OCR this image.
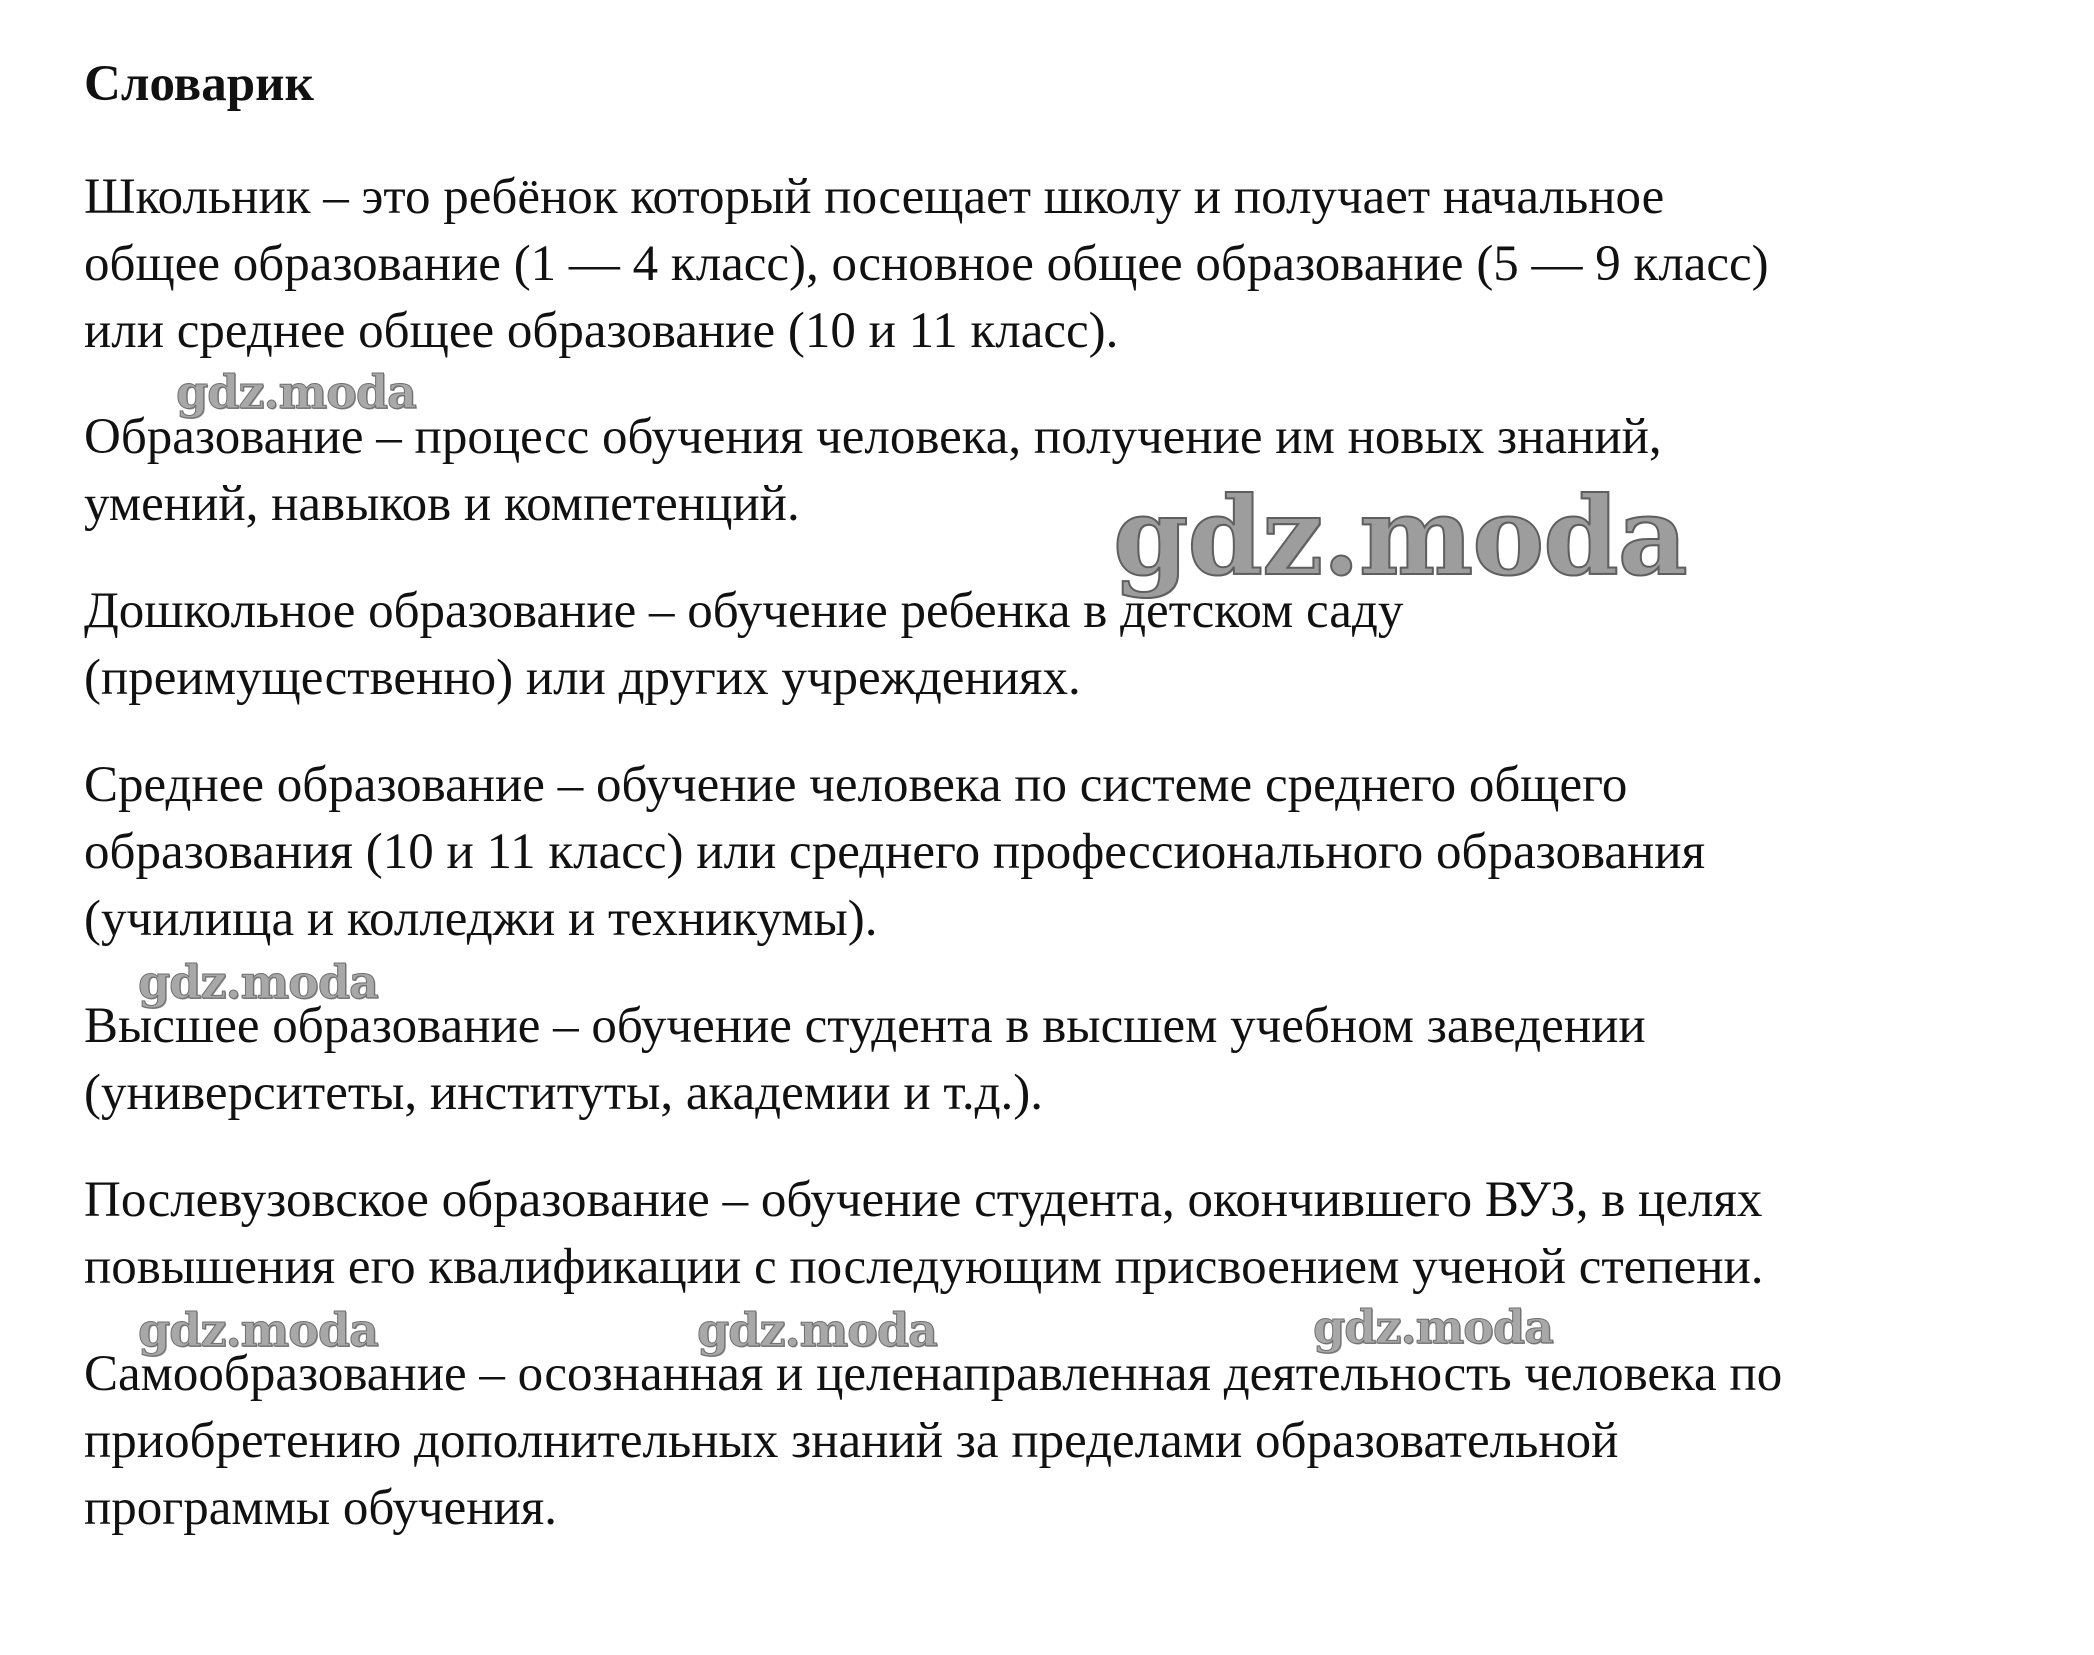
Словарик

Школьник – это ребёнок который посещает школу и получает начальное
общее образование (1 — 4 класс), основное общее образование (5 — 9 класс)
или среднее общее образование (10 и 11 класс).

Образование – процесс обучения человека, получение им новых знаний,
умений, навыков и компетенций.

Дошкольное образование – обучение ребенка в детском саду
(преимущественно) или других учреждениях.

Среднее образование – обучение человека по системе среднего общего
образования (10 и 11 класс) или среднего профессионального образования
(училища и колледжи и техникумы).

Высшее образование – обучение студента в высшем учебном заведении
(университеты, институты, академии и т.д.).

Послевузовское образование – обучение студента, окончившего ВУЗ, в целях
повышения его квалификации с последующим присвоением ученой степени.

Самообразование – осознанная и целенаправленная деятельность человека по
приобретению дополнительных знаний за пределами образовательной
программы обучения.

gdz.moda
gdz.moda
gdz.moda
gdz.moda	gdz.moda	gdz.moda
